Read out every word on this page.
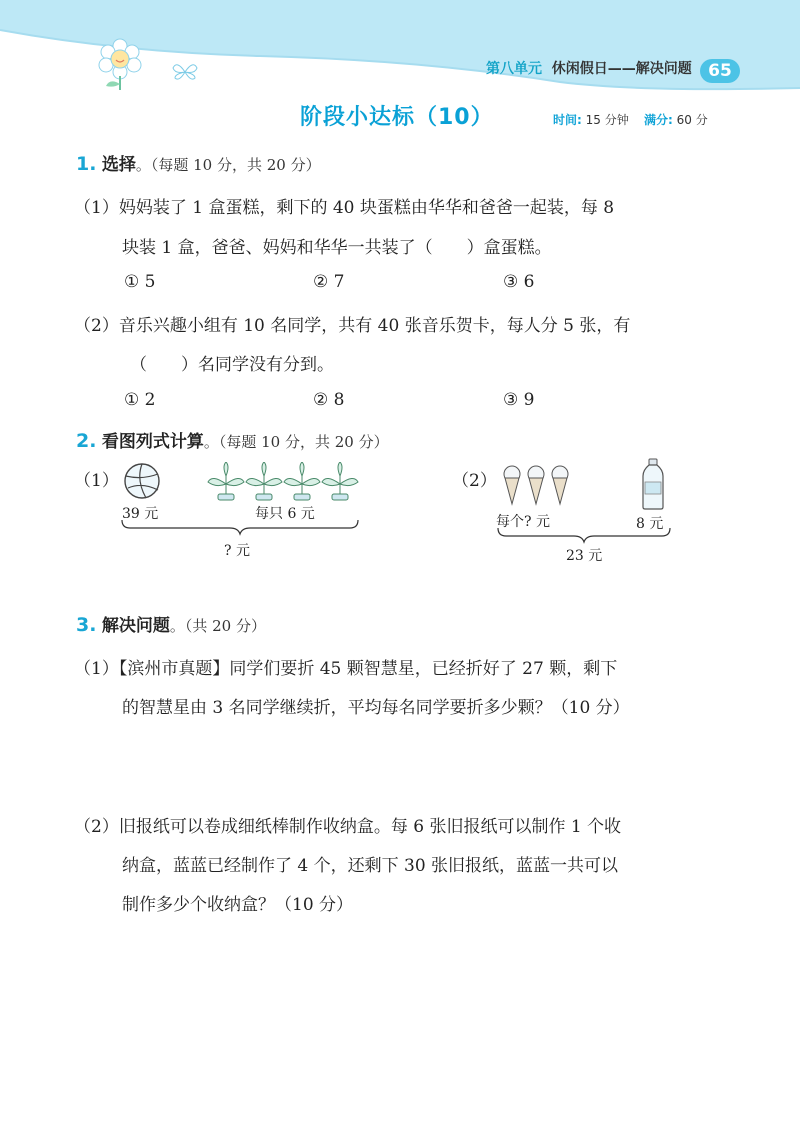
第八单元 休闲假日——解决问题 65
阶段小达标（10）	时间: 15 分钟 满分: 60 分
1. 选择。（每题 10 分，共 20 分）
（1）妈妈装了 1 盒蛋糕，剩下的 40 块蛋糕由华华和爸爸一起装，每 8
块装 1 盒，爸爸、妈妈和华华一共装了（　　）盒蛋糕。
① 5	② 7	③ 6
（2）音乐兴趣小组有 10 名同学，共有 40 张音乐贺卡，每人分 5 张，有
（　　）名同学没有分到。
① 2	② 8	③ 9
2. 看图列式计算。（每题 10 分，共 20 分）
（1）
39 元	每只 6 元
? 元
（2）
每个? 元	8 元
23 元
3. 解决问题。（共 20 分）
（1）【滨州市真题】同学们要折 45 颗智慧星，已经折好了 27 颗，剩下
的智慧星由 3 名同学继续折，平均每名同学要折多少颗？（10 分）
（2）旧报纸可以卷成细纸棒制作收纳盒。每 6 张旧报纸可以制作 1 个收
纳盒，蓝蓝已经制作了 4 个，还剩下 30 张旧报纸，蓝蓝一共可以
制作多少个收纳盒？（10 分）
